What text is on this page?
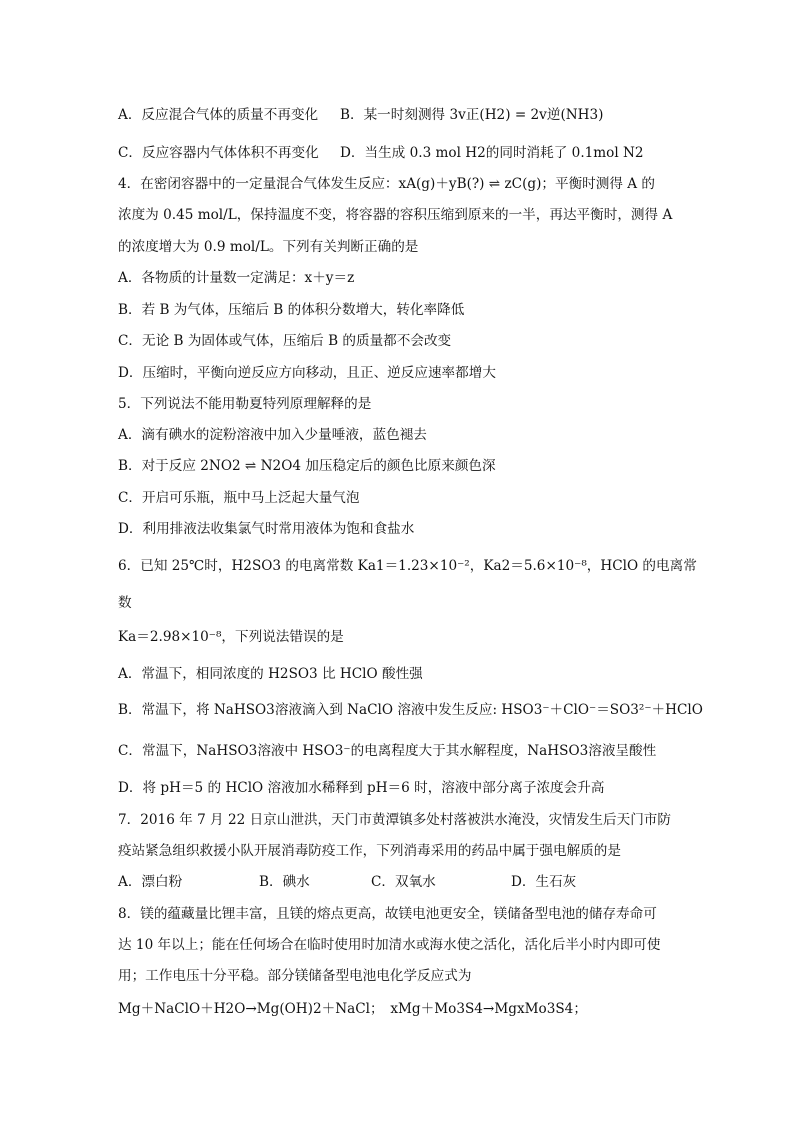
A．反应混合气体的质量不再变化	B．某一时刻测得 3v正(H2) = 2v逆(NH3)
C．反应容器内气体体积不再变化	D．当生成 0.3 mol H2的同时消耗了 0.1mol N2
4．在密闭容器中的一定量混合气体发生反应：xA(g)＋yB(?) ⇌ zC(g)；平衡时测得 A 的
浓度为 0.45 mol/L，保持温度不变，将容器的容积压缩到原来的一半，再达平衡时，测得 A
的浓度增大为 0.9 mol/L。下列有关判断正确的是
A．各物质的计量数一定满足：x＋y＝z
B．若 B 为气体，压缩后 B 的体积分数增大，转化率降低
C．无论 B 为固体或气体，压缩后 B 的质量都不会改变
D．压缩时，平衡向逆反应方向移动，且正、逆反应速率都增大
5．下列说法不能用勒夏特列原理解释的是
A．滴有碘水的淀粉溶液中加入少量唾液，蓝色褪去
B．对于反应 2NO2 ⇌ N2O4 加压稳定后的颜色比原来颜色深
C．开启可乐瓶，瓶中马上泛起大量气泡
D．利用排液法收集氯气时常用液体为饱和食盐水
6．已知 25℃时，H2SO3 的电离常数 Ka1＝1.23×10⁻²，Ka2＝5.6×10⁻⁸，HClO 的电离常
数
Ka＝2.98×10⁻⁸，下列说法错误的是
A．常温下，相同浓度的 H2SO3 比 HClO 酸性强
B．常温下，将 NaHSO3溶液滴入到 NaClO 溶液中发生反应: HSO3⁻＋ClO⁻＝SO3²⁻＋HClO
C．常温下，NaHSO3溶液中 HSO3⁻的电离程度大于其水解程度，NaHSO3溶液呈酸性
D．将 pH＝5 的 HClO 溶液加水稀释到 pH＝6 时，溶液中部分离子浓度会升高
7．2016 年 7 月 22 日京山泄洪，天门市黄潭镇多处村落被洪水淹没，灾情发生后天门市防
疫站紧急组织救援小队开展消毒防疫工作，下列消毒采用的药品中属于强电解质的是
A．漂白粉	B．碘水	C．双氧水	D．生石灰
8．镁的蕴藏量比锂丰富，且镁的熔点更高，故镁电池更安全，镁储备型电池的储存寿命可
达 10 年以上；能在任何场合在临时使用时加清水或海水使之活化，活化后半小时内即可使
用；工作电压十分平稳。部分镁储备型电池电化学反应式为
Mg＋NaClO＋H2O→Mg(OH)2＋NaCl；　xMg＋Mo3S4→MgxMo3S4；
